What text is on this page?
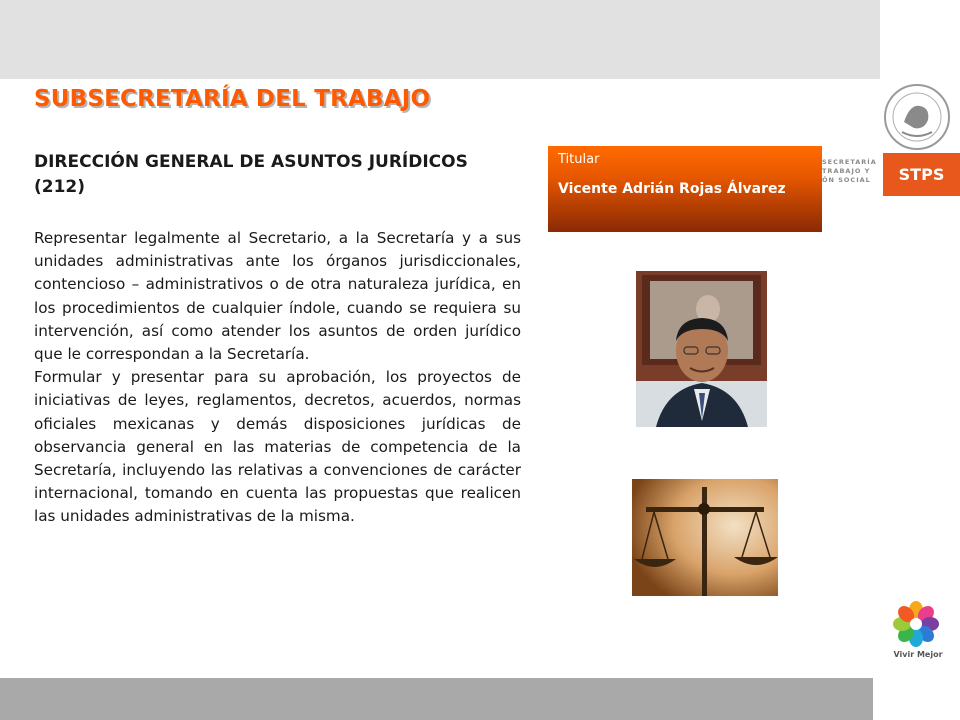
SUBSECRETARÍA DEL TRABAJO
DIRECCIÓN GENERAL DE ASUNTOS JURÍDICOS (212)

Representar legalmente al Secretario, a la Secretaría y a sus unidades administrativas ante los órganos jurisdiccionales, contencioso – administrativos o de otra naturaleza jurídica, en los procedimientos de cualquier índole, cuando se requiera su intervención, así como atender los asuntos de orden jurídico que le correspondan a la Secretaría.

Formular y presentar para su aprobación, los proyectos de iniciativas de leyes, reglamentos, decretos, acuerdos, normas oficiales mexicanas y demás disposiciones jurídicas de observancia general en las materias de competencia de la Secretaría, incluyendo las relativas a convenciones de carácter internacional, tomando en cuenta las propuestas que realicen las unidades administrativas de la misma.

Titular
Vicente Adrián Rojas Álvarez
SECRETARÍA
TRABAJO Y
ÓN SOCIAL	STPS
Vivir Mejor
